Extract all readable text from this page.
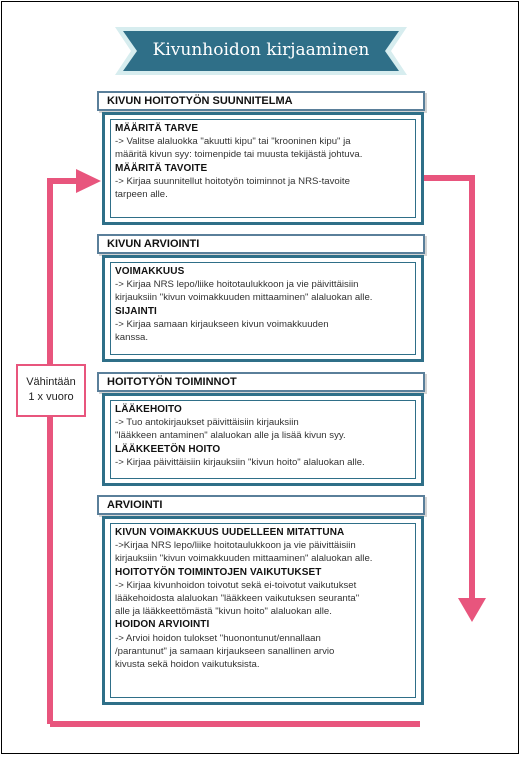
Kivunhoidon kirjaaminen
Vähintään
1 x vuoro
KIVUN HOITOTYÖN SUUNNITELMA
MÄÄRITÄ TARVE
-> Valitse alaluokka "akuutti kipu" tai "krooninen kipu" ja
määritä kivun syy: toimenpide tai muusta tekijästä johtuva.
MÄÄRITÄ TAVOITE
-> Kirjaa suunnitellut hoitotyön toiminnot ja NRS-tavoite
tarpeen alle.
KIVUN ARVIOINTI
VOIMAKKUUS
-> Kirjaa NRS lepo/liike hoitotaulukkoon ja vie päivittäisiin
kirjauksiin "kivun voimakkuuden mittaaminen" alaluokan alle.
SIJAINTI
-> Kirjaa samaan kirjaukseen kivun voimakkuuden
kanssa.
HOITOTYÖN TOIMINNOT
LÄÄKEHOITO
-> Tuo antokirjaukset päivittäisiin kirjauksiin
"lääkkeen antaminen" alaluokan alle ja lisää kivun syy.
LÄÄKKEETÖN HOITO
-> Kirjaa päivittäisiin kirjauksiin "kivun hoito" alaluokan alle.
ARVIOINTI
KIVUN VOIMAKKUUS UUDELLEEN MITATTUNA
->Kirjaa NRS lepo/liike hoitotaulukkoon ja vie päivittäisiin
kirjauksiin "kivun voimakkuuden mittaaminen" alaluokan alle.
HOITOTYÖN TOIMINTOJEN VAIKUTUKSET
-> Kirjaa kivunhoidon toivotut sekä ei-toivotut vaikutukset
lääkehoidosta alaluokan "lääkkeen vaikutuksen seuranta"
alle ja lääkkeettömästä "kivun hoito" alaluokan alle.
HOIDON ARVIOINTI
-> Arvioi hoidon tulokset "huonontunut/ennallaan
/parantunut" ja samaan kirjaukseen sanallinen arvio
kivusta sekä hoidon vaikutuksista.
